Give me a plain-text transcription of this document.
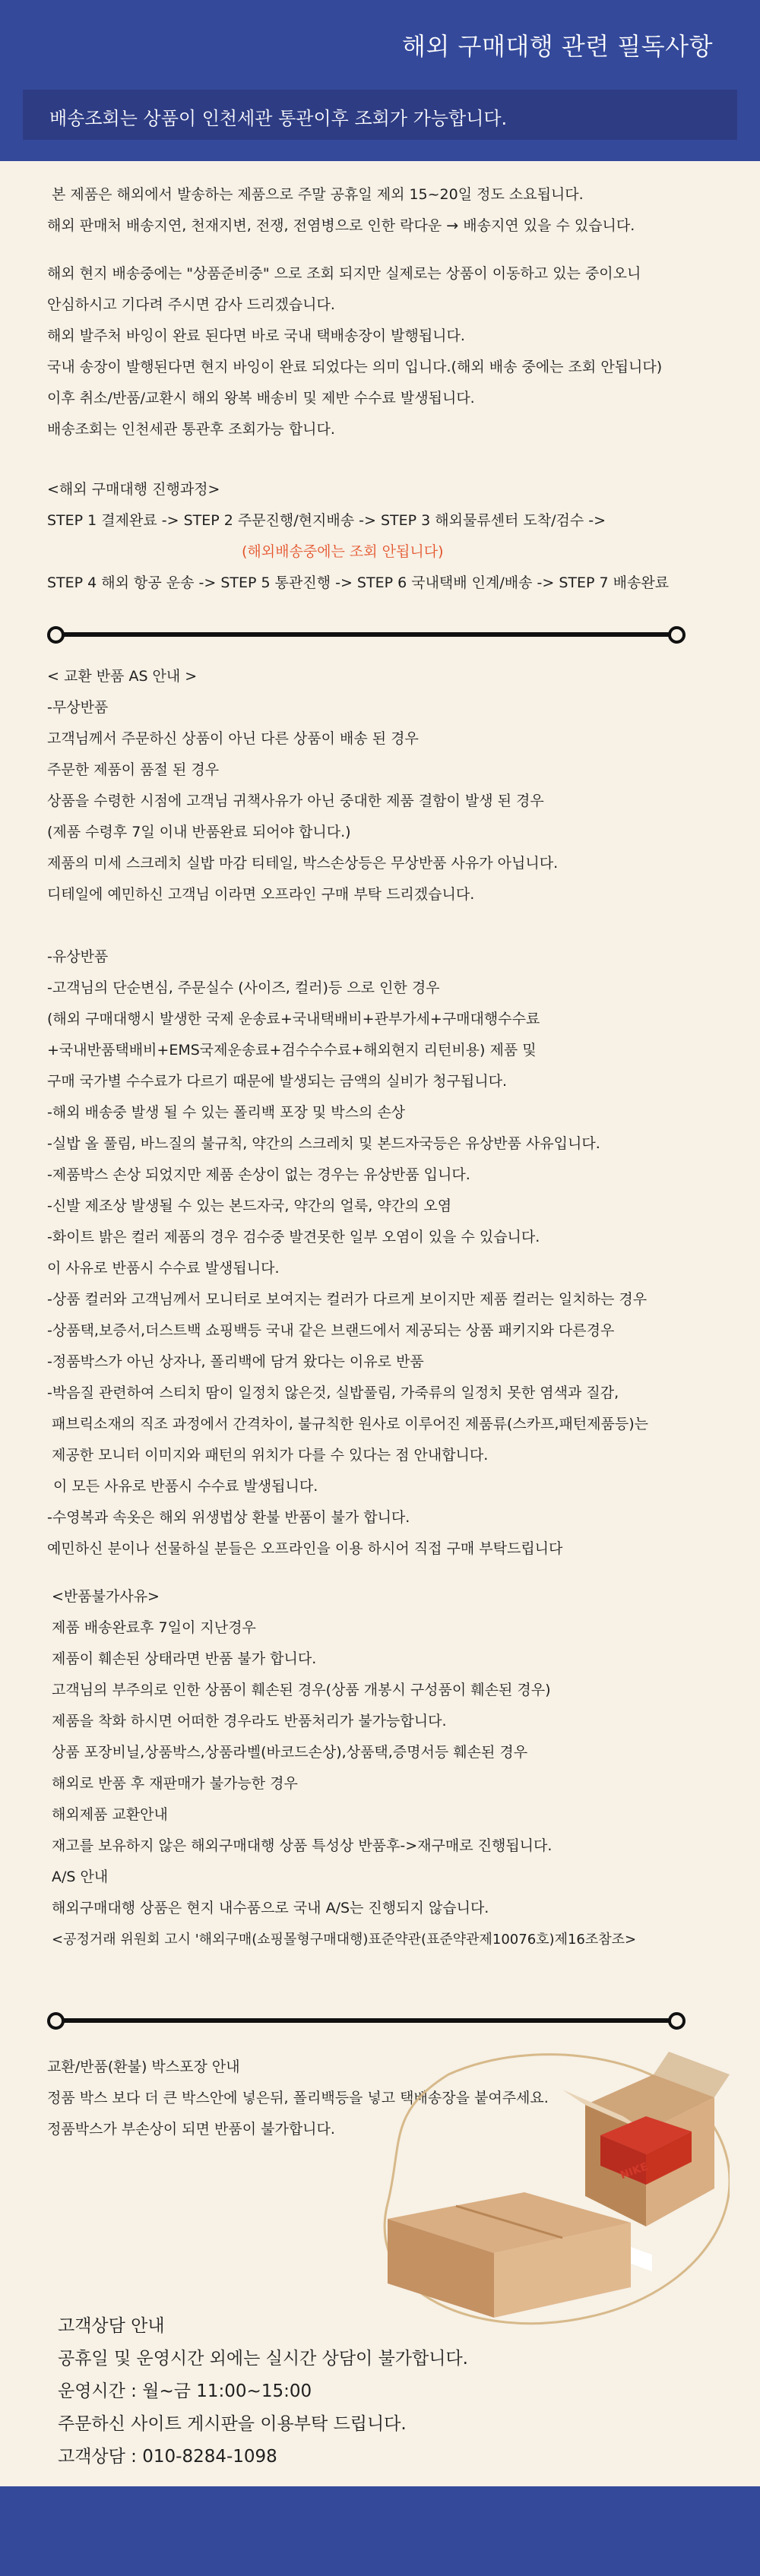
해외 구매대행 관련 필독사항
배송조회는 상품이 인천세관 통관이후 조회가 가능합니다.
본 제품은 해외에서 발송하는 제품으로 주말 공휴일 제외 15~20일 정도 소요됩니다.
해외 판매처 배송지연, 천재지변, 전쟁, 전염병으로 인한 락다운 → 배송지연 있을 수 있습니다.
해외 현지 배송중에는 "상품준비중" 으로 조회 되지만 실제로는 상품이 이동하고 있는 중이오니
안심하시고 기다려 주시면 감사 드리겠습니다.
해외 발주처 바잉이 완료 된다면 바로 국내 택배송장이 발행됩니다.
국내 송장이 발행된다면 현지 바잉이 완료 되었다는 의미 입니다.(해외 배송 중에는 조회 안됩니다)
이후 취소/반품/교환시 해외 왕복 배송비 및 제반 수수료 발생됩니다.
배송조회는 인천세관 통관후 조회가능 합니다.
<해외 구매대행 진행과정>
STEP 1 결제완료 -> STEP 2 주문진행/현지배송 -> STEP 3 해외물류센터 도착/검수 ->
(해외배송중에는 조회 안됩니다)
STEP 4 해외 항공 운송 -> STEP 5 통관진행 -> STEP 6 국내택배 인계/배송 -> STEP 7 배송완료
< 교환 반품 AS 안내 >
-무상반품
고객님께서 주문하신 상품이 아닌 다른 상품이 배송 된 경우
주문한 제품이 품절 된 경우
상품을 수령한 시점에 고객님 귀책사유가 아닌 중대한 제품 결함이 발생 된 경우
(제품 수령후 7일 이내 반품완료 되어야 합니다.)
제품의 미세 스크레치 실밥 마감 티테일, 박스손상등은 무상반품 사유가 아닙니다.
디테일에 예민하신 고객님 이라면 오프라인 구매 부탁 드리겠습니다.
-유상반품
-고객님의 단순변심, 주문실수 (사이즈, 컬러)등 으로 인한 경우
(해외 구매대행시 발생한 국제 운송료+국내택배비+관부가세+구매대행수수료
+국내반품택배비+EMS국제운송료+검수수수료+해외현지 리턴비용) 제품 및
구매 국가별 수수료가 다르기 때문에 발생되는 금액의 실비가 청구됩니다.
-해외 배송중 발생 될 수 있는 폴리백 포장 및 박스의 손상
-실밥 올 풀림, 바느질의 불규칙, 약간의 스크레치 및 본드자국등은 유상반품 사유입니다.
-제품박스 손상 되었지만 제품 손상이 없는 경우는 유상반품 입니다.
-신발 제조상 발생될 수 있는 본드자국, 약간의 얼룩, 약간의 오염
-화이트 밝은 컬러 제품의 경우 검수중 발견못한 일부 오염이 있을 수 있습니다.
이 사유로 반품시 수수료 발생됩니다.
-상품 컬러와 고객님께서 모니터로 보여지는 컬러가 다르게 보이지만 제품 컬러는 일치하는 경우
-상품택,보증서,더스트백 쇼핑백등 국내 같은 브랜드에서 제공되는 상품 패키지와 다른경우
-정품박스가 아닌 상자나, 폴리백에 담겨 왔다는 이유로 반품
-박음질 관련하여 스티치 땀이 일정치 않은것, 실밥풀림, 가죽류의 일정치 못한 염색과 질감,
패브릭소재의 직조 과정에서 간격차이, 불규칙한 원사로 이루어진 제품류(스카프,패턴제품등)는
제공한 모니터 이미지와 패턴의 위치가 다를 수 있다는 점 안내합니다.
이 모든 사유로 반품시 수수료 발생됩니다.
-수영복과 속옷은 해외 위생법상 환불 반품이 불가 합니다.
예민하신 분이나 선물하실 분들은 오프라인을 이용 하시어 직접 구매 부탁드립니다
<반품불가사유>
제품 배송완료후 7일이 지난경우
제품이 훼손된 상태라면 반품 불가 합니다.
고객님의 부주의로 인한 상품이 훼손된 경우(상품 개봉시 구성품이 훼손된 경우)
제품을 착화 하시면 어떠한 경우라도 반품처리가 불가능합니다.
상품 포장비닐,상품박스,상품라벨(바코드손상),상품택,증명서등 훼손된 경우
해외로 반품 후 재판매가 불가능한 경우
해외제품 교환안내
재고를 보유하지 않은 해외구매대행 상품 특성상 반품후->재구매로 진행됩니다.
A/S 안내
해외구매대행 상품은 현지 내수품으로 국내 A/S는 진행되지 않습니다.
<공정거래 위원회 고시 '해외구매(쇼핑몰형구매대행)표준약관(표준약관제10076호)제16조참조>
교환/반품(환불) 박스포장 안내
정품 박스 보다 더 큰 박스안에 넣은뒤, 폴리백등을 넣고 택배송장을 붙여주세요.
정품박스가 부손상이 되면 반품이 불가합니다.
NIKE
고객상담 안내
공휴일 및 운영시간 외에는 실시간 상담이 불가합니다.
운영시간 : 월~금 11:00~15:00
주문하신 사이트 게시판을 이용부탁 드립니다.
고객상담 : 010-8284-1098
